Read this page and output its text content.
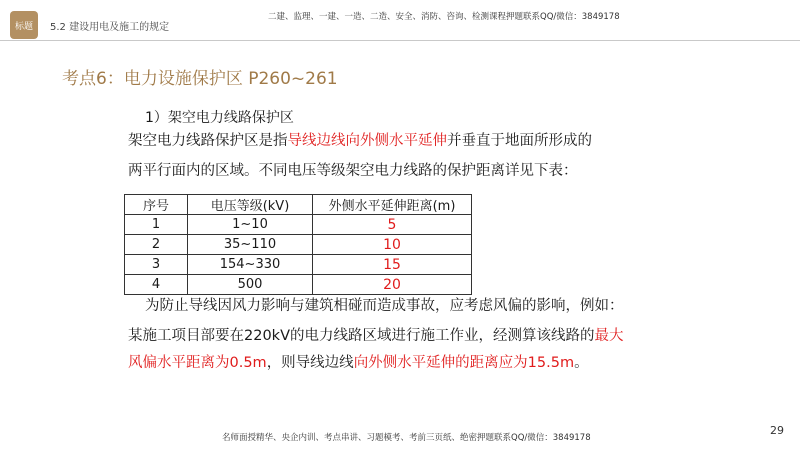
标题	5.2 建设用电及施工的规定
二建、监理、一建、一造、二造、安全、消防、咨询、检测课程押题联系QQ/微信：3849178
考点6：电力设施保护区 P260~261
1）架空电力线路保护区
架空电力线路保护区是指导线边线向外侧水平延伸并垂直于地面所形成的
两平行面内的区域。不同电压等级架空电力线路的保护距离详见下表：
序号	电压等级(kV)	外侧水平延伸距离(m)
1	1~10	5
2	35~110	10
3	154~330	15
4	500	20
为防止导线因风力影响与建筑相碰而造成事故，应考虑风偏的影响，例如：
某施工项目部要在220kV的电力线路区域进行施工作业，经测算该线路的最大
风偏水平距离为0.5m，则导线边线向外侧水平延伸的距离应为15.5m。
29
名师面授精华、央企内训、考点串讲、习题模考、考前三页纸、绝密押题联系QQ/微信：3849178
